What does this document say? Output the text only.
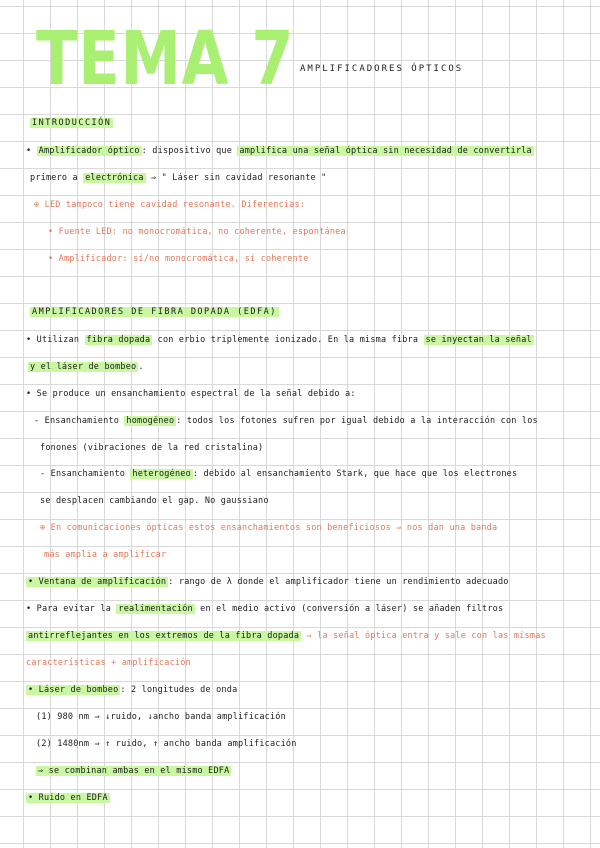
TEMA 7 AMPLIFICADORES ÓPTICOS
INTRODUCCIÓN
• Amplificador óptico : dispositivo que amplifica una señal óptica sin necesidad de convertirla
primero a electrónica ⇒ " Láser sin cavidad resonante "
⊕ LED tampoco tiene cavidad resonante. Diferencias:
• Fuente LED: no monocromática, no coherente, espontánea
• Amplificador: sí/no monocromática, sí coherente
AMPLIFICADORES DE FIBRA DOPADA (EDFA)
• Utilizan fibra dopada con erbio triplemente ionizado. En la misma fibra se inyectan la señal
y el láser de bombeo .
• Se produce un ensanchamiento espectral de la señal debido a:
- Ensanchamiento homogéneo : todos los fotones sufren por igual debido a la interacción con los
fonones (vibraciones de la red cristalina)
- Ensanchamiento heterogéneo : debido al ensanchamiento Stark, que hace que los electrones
se desplacen cambiando el gap. No gaussiano
⊕ En comunicaciones ópticas estos ensanchamientos son beneficiosos ⇒ nos dan una banda
más amplia a amplificar
• Ventana de amplificación : rango de λ donde el amplificador tiene un rendimiento adecuado
• Para evitar la realimentación en el medio activo (conversión a láser) se añaden filtros
antirreflejantes en los extremos de la fibra dopada ⇒ la señal óptica entra y sale con las mismas
características + amplificación
• Láser de bombeo : 2 longitudes de onda
(1) 980 nm ⇒ ↓ruido, ↓ancho banda amplificación
(2) 1480nm ⇒ ↑ ruido, ↑ ancho banda amplificación
⇒ se combinan ambas en el mismo EDFA
• Ruido en EDFA
